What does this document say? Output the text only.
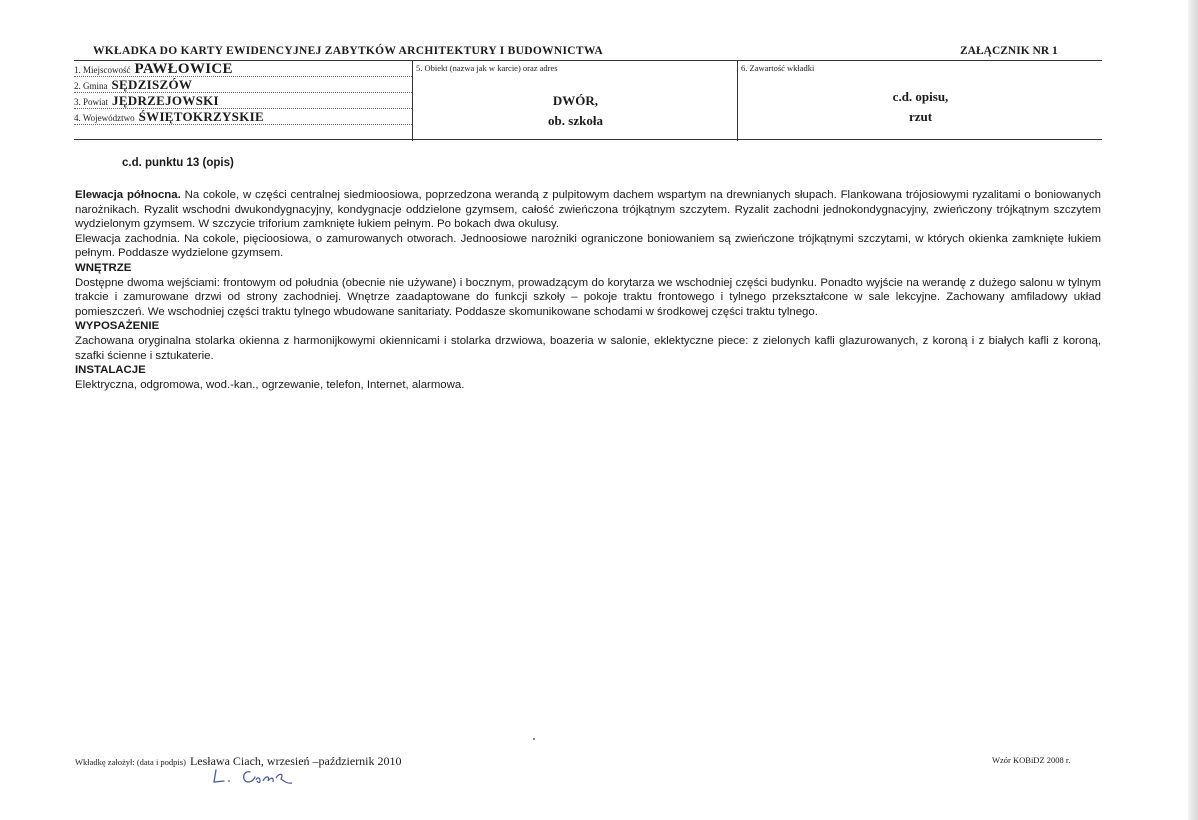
WKŁADKA DO KARTY EWIDENCYJNEJ ZABYTKÓW ARCHITEKTURY I BUDOWNICTWA	ZAŁĄCZNIK NR 1
1. Miejscowość PAWŁOWICE
2. Gmina SĘDZISZÓW
3. Powiat JĘDRZEJOWSKI
4. Województwo ŚWIĘTOKRZYSKIE
5. Obiekt (nazwa jak w karcie) oraz adres
DWÓR,
ob. szkoła
6. Zawartość wkładki
c.d. opisu,
rzut
c.d. punktu 13 (opis)

Elewacja północna. Na cokole, w części centralnej siedmioosiowa, poprzedzona werandą z pulpitowym dachem wspartym na drewnianych słupach. Flankowana trójosiowymi ryzalitami o boniowanych narożnikach. Ryzalit wschodni dwukondygnacyjny, kondygnacje oddzielone gzymsem, całość zwieńczona trójkątnym szczytem. Ryzalit zachodni jednokondygnacyjny, zwieńczony trójkątnym szczytem wydzielonym gzymsem. W szczycie triforium zamknięte łukiem pełnym. Po bokach dwa okulusy.

Elewacja zachodnia. Na cokole, pięcioosiowa, o zamurowanych otworach. Jednoosiowe narożniki ograniczone boniowaniem są zwieńczone trójkątnymi szczytami, w których okienka zamknięte łukiem pełnym. Poddasze wydzielone gzymsem.

WNĘTRZE

Dostępne dwoma wejściami: frontowym od południa (obecnie nie używane) i bocznym, prowadzącym do korytarza we wschodniej części budynku. Ponadto wyjście na werandę z dużego salonu w tylnym trakcie i zamurowane drzwi od strony zachodniej. Wnętrze zaadaptowane do funkcji szkoły – pokoje traktu frontowego i tylnego przekształcone w sale lekcyjne. Zachowany amfiladowy układ pomieszczeń. We wschodniej części traktu tylnego wbudowane sanitariaty. Poddasze skomunikowane schodami w środkowej części traktu tylnego.

WYPOSAŻENIE

Zachowana oryginalna stolarka okienna z harmonijkowymi okiennicami i stolarka drzwiowa, boazeria w salonie, eklektyczne piece: z zielonych kafli glazurowanych, z koroną i z białych kafli z koroną, szafki ścienne i sztukaterie.

INSTALACJE

Elektryczna, odgromowa, wod.-kan., ogrzewanie, telefon, Internet, alarmowa.

Wkładkę założył: (data i podpis) Lesława Ciach, wrzesień –październik 2010	Wzór KOBiDZ 2008 r.
